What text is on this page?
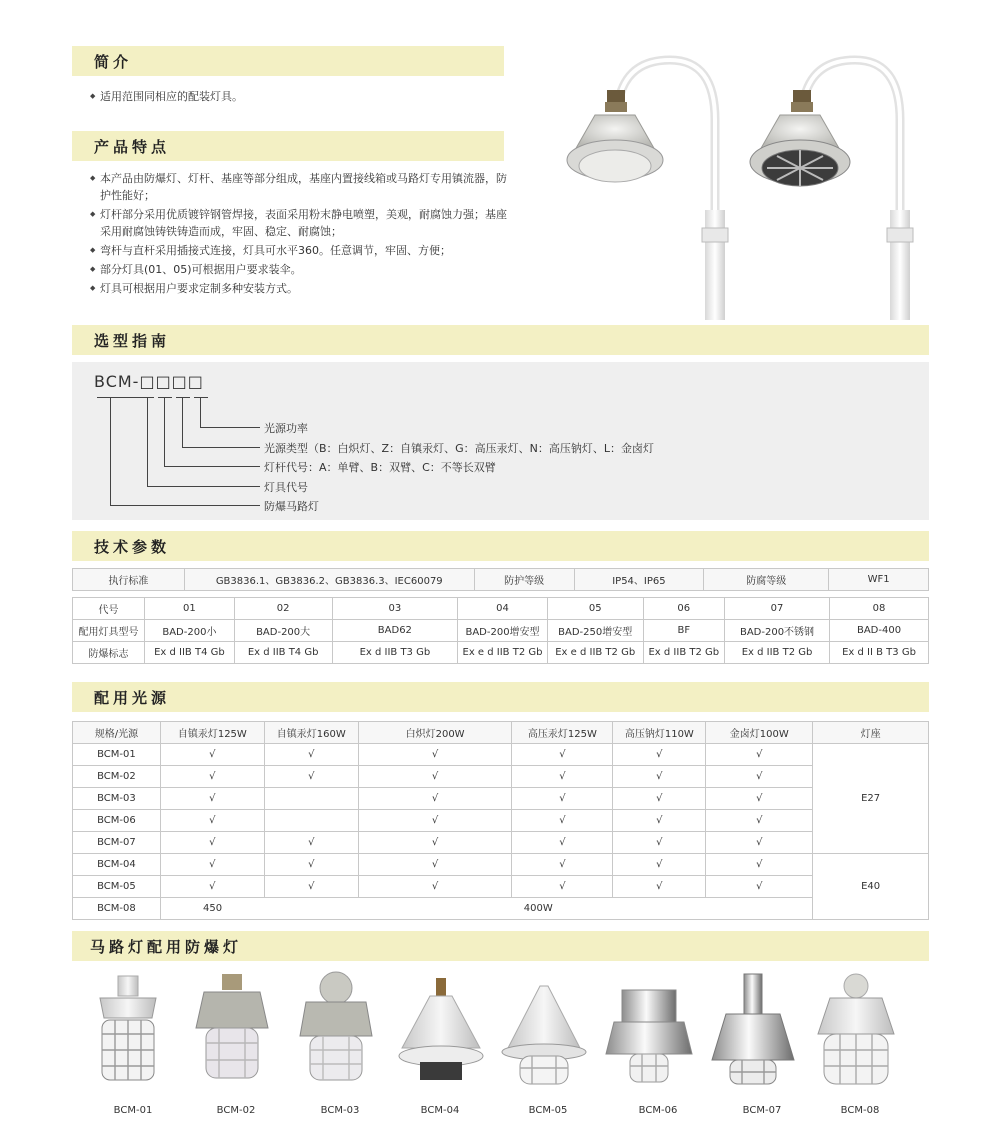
简介
◆ 适用范围同相应的配装灯具。
产品特点
◆ 本产品由防爆灯、灯杆、基座等部分组成，基座内置接线箱或马路灯专用镇流器，防护性能好；
◆ 灯杆部分采用优质镀锌钢管焊接，表面采用粉末静电喷塑，美观，耐腐蚀力强；基座采用耐腐蚀铸铁铸造而成，牢固、稳定、耐腐蚀；
◆ 弯杆与直杆采用插接式连接，灯具可水平360。任意调节，牢固、方便；
◆ 部分灯具(01、05)可根据用户要求装伞。
◆ 灯具可根据用户要求定制多种安装方式。
选型指南
BCM-□□□□
光源功率
光源类型（B：白炽灯、Z：自镇汞灯、G：高压汞灯、N：高压钠灯、L：金卤灯
灯杆代号：A：单臂、B：双臂、C：不等长双臂
灯具代号
防爆马路灯
技术参数
执行标准	GB3836.1、GB3836.2、GB3836.3、IEC60079	防护等级	IP54、IP65	防腐等级	WF1
代号	01	02	03	04	05	06	07	08
配用灯具型号	BAD-200小	BAD-200大	BAD62	BAD-200增安型	BAD-250增安型	BF	BAD-200不锈钢	BAD-400
防爆标志	Ex d IIB T4 Gb	Ex d IIB T4 Gb	Ex d IIB T3 Gb	Ex e d IIB T2 Gb	Ex e d IIB T2 Gb	Ex d IIB T2 Gb	Ex d IIB T2 Gb	Ex d II B T3 Gb
配用光源
规格/光源	自镇汞灯125W	自镇汞灯160W	白炽灯200W	高压汞灯125W	高压钠灯110W	金卤灯100W	灯座
BCM-01	√	√	√	√	√	√	E27
BCM-02	√	√	√	√	√	√	
BCM-03	√		√	√	√	√	
BCM-06	√		√	√	√	√	
BCM-07	√	√	√	√	√	√	
BCM-04	√	√	√	√	√	√	E40
BCM-05	√	√	√	√	√	√	
BCM-08	450	400W					
马路灯配用防爆灯
BCM-01	BCM-02	BCM-03	BCM-04	BCM-05	BCM-06	BCM-07	BCM-08
